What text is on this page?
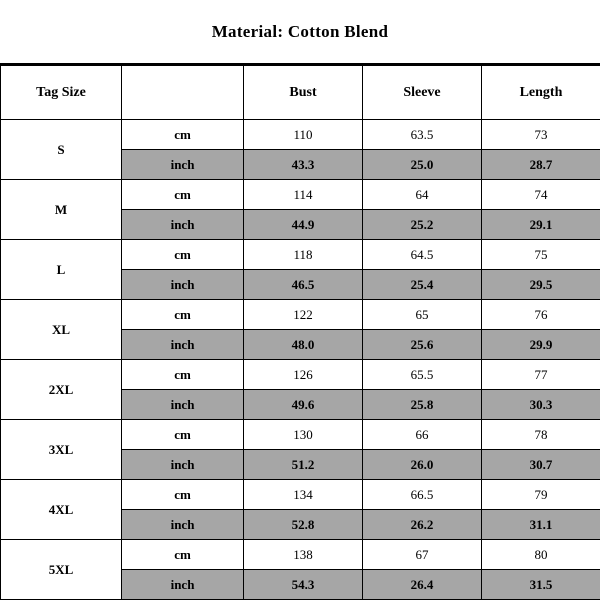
Material: Cotton Blend
Tag Size		Bust	Sleeve	Length
S	cm	110	63.5	73
	inch	43.3	25.0	28.7
M	cm	114	64	74
	inch	44.9	25.2	29.1
L	cm	118	64.5	75
	inch	46.5	25.4	29.5
XL	cm	122	65	76
	inch	48.0	25.6	29.9
2XL	cm	126	65.5	77
	inch	49.6	25.8	30.3
3XL	cm	130	66	78
	inch	51.2	26.0	30.7
4XL	cm	134	66.5	79
	inch	52.8	26.2	31.1
5XL	cm	138	67	80
	inch	54.3	26.4	31.5
